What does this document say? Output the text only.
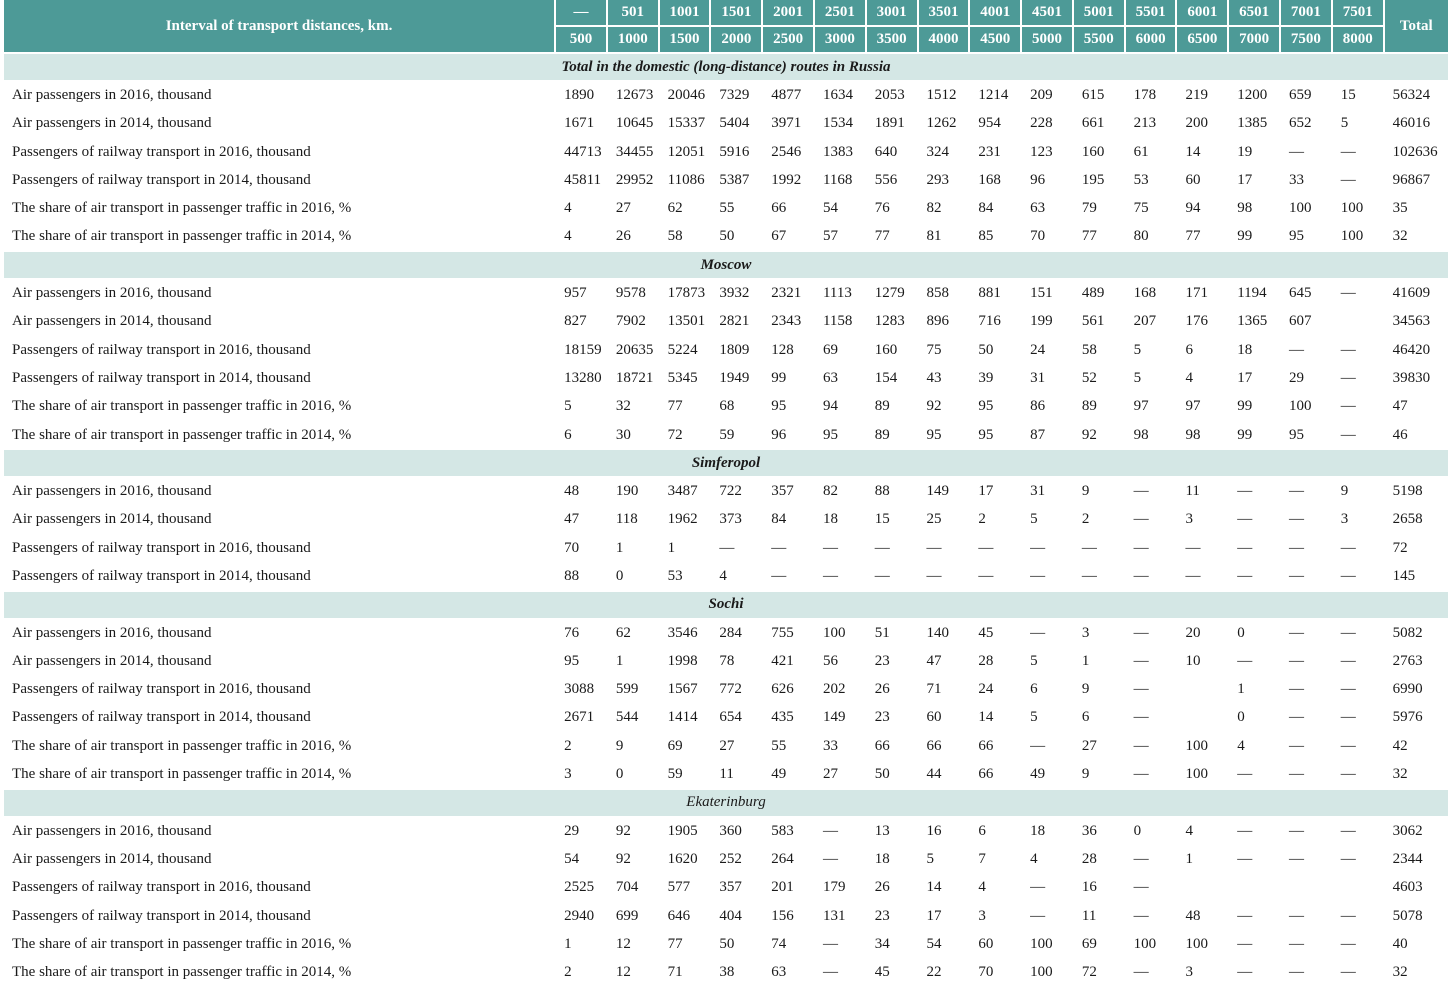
Interval of transport distances, km.	—	501	1001	1501	2001	2501	3001	3501	4001	4501	5001	5501	6001	6501	7001	7501	Total
	500	1000	1500	2000	2500	3000	3500	4000	4500	5000	5500	6000	6500	7000	7500	8000	
Total in the domestic (long-distance) routes in Russia																	
Air passengers in 2016, thousand	1890	12673	20046	7329	4877	1634	2053	1512	1214	209	615	178	219	1200	659	15	56324
Air passengers in 2014, thousand	1671	10645	15337	5404	3971	1534	1891	1262	954	228	661	213	200	1385	652	5	46016
Passengers of railway transport in 2016, thousand	44713	34455	12051	5916	2546	1383	640	324	231	123	160	61	14	19	—	—	102636
Passengers of railway transport in 2014, thousand	45811	29952	11086	5387	1992	1168	556	293	168	96	195	53	60	17	33	—	96867
The share of air transport in passenger traffic in 2016, %	4	27	62	55	66	54	76	82	84	63	79	75	94	98	100	100	35
The share of air transport in passenger traffic in 2014, %	4	26	58	50	67	57	77	81	85	70	77	80	77	99	95	100	32
Moscow																	
Air passengers in 2016, thousand	957	9578	17873	3932	2321	1113	1279	858	881	151	489	168	171	1194	645	—	41609
Air passengers in 2014, thousand	827	7902	13501	2821	2343	1158	1283	896	716	199	561	207	176	1365	607		34563
Passengers of railway transport in 2016, thousand	18159	20635	5224	1809	128	69	160	75	50	24	58	5	6	18	—	—	46420
Passengers of railway transport in 2014, thousand	13280	18721	5345	1949	99	63	154	43	39	31	52	5	4	17	29	—	39830
The share of air transport in passenger traffic in 2016, %	5	32	77	68	95	94	89	92	95	86	89	97	97	99	100	—	47
The share of air transport in passenger traffic in 2014, %	6	30	72	59	96	95	89	95	95	87	92	98	98	99	95	—	46
Simferopol																	
Air passengers in 2016, thousand	48	190	3487	722	357	82	88	149	17	31	9	—	11	—	—	9	5198
Air passengers in 2014, thousand	47	118	1962	373	84	18	15	25	2	5	2	—	3	—	—	3	2658
Passengers of railway transport in 2016, thousand	70	1	1	—	—	—	—	—	—	—	—	—	—	—	—	—	72
Passengers of railway transport in 2014, thousand	88	0	53	4	—	—	—	—	—	—	—	—	—	—	—	—	145
Sochi																	
Air passengers in 2016, thousand	76	62	3546	284	755	100	51	140	45	—	3	—	20	0	—	—	5082
Air passengers in 2014, thousand	95	1	1998	78	421	56	23	47	28	5	1	—	10	—	—	—	2763
Passengers of railway transport in 2016, thousand	3088	599	1567	772	626	202	26	71	24	6	9	—		1	—	—	6990
Passengers of railway transport in 2014, thousand	2671	544	1414	654	435	149	23	60	14	5	6	—		0	—	—	5976
The share of air transport in passenger traffic in 2016, %	2	9	69	27	55	33	66	66	66	—	27	—	100	4	—	—	42
The share of air transport in passenger traffic in 2014, %	3	0	59	11	49	27	50	44	66	49	9	—	100	—	—	—	32
Ekaterinburg																	
Air passengers in 2016, thousand	29	92	1905	360	583	—	13	16	6	18	36	0	4	—	—	—	3062
Air passengers in 2014, thousand	54	92	1620	252	264	—	18	5	7	4	28	—	1	—	—	—	2344
Passengers of railway transport in 2016, thousand	2525	704	577	357	201	179	26	14	4	—	16	—					4603
Passengers of railway transport in 2014, thousand	2940	699	646	404	156	131	23	17	3	—	11	—	48	—	—	—	5078
The share of air transport in passenger traffic in 2016, %	1	12	77	50	74	—	34	54	60	100	69	100	100	—	—	—	40
The share of air transport in passenger traffic in 2014, %	2	12	71	38	63	—	45	22	70	100	72	—	3	—	—	—	32
